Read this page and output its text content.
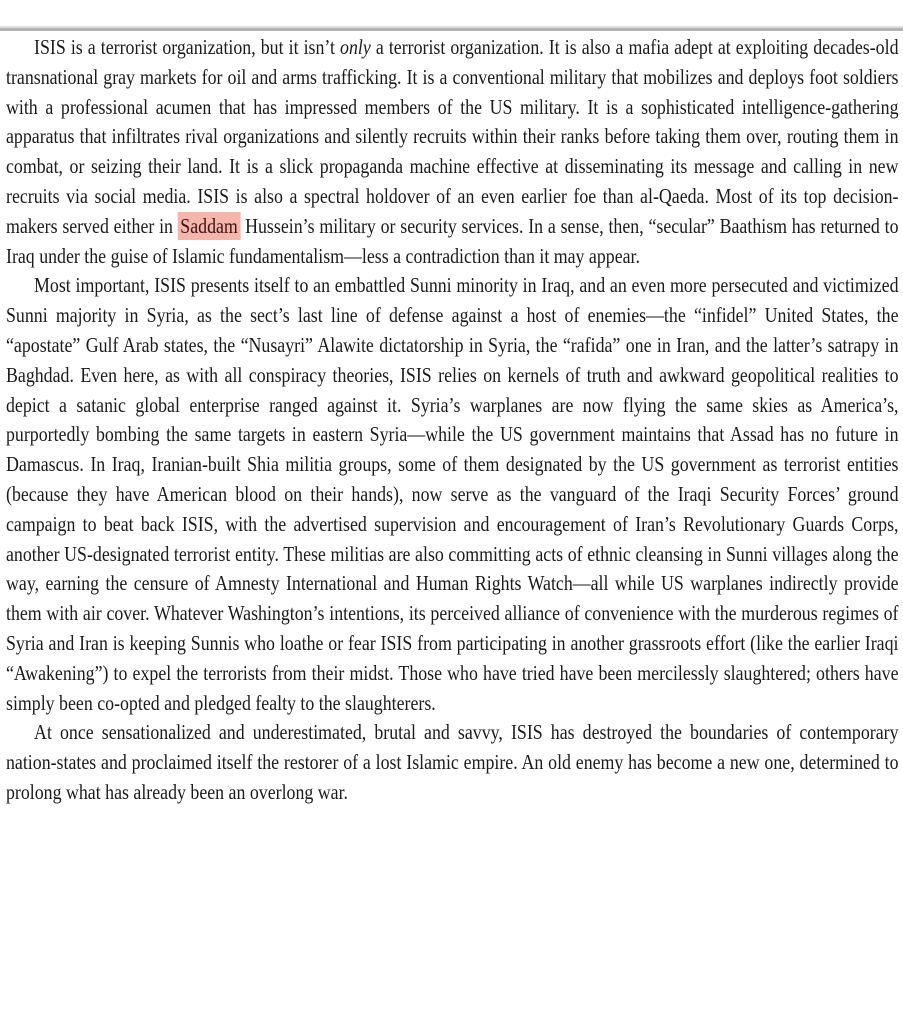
ISIS is a terrorist organization, but it isn’t only a terrorist organization. It is also a mafia adept at exploiting decades-old transnational gray markets for oil and arms trafficking. It is a conventional military that mobilizes and deploys foot soldiers with a professional acumen that has impressed members of the US military. It is a sophisticated intelligence-gathering apparatus that infiltrates rival organizations and silently recruits within their ranks before taking them over, routing them in combat, or seizing their land. It is a slick propaganda machine effective at disseminating its message and calling in new recruits via social media. ISIS is also a spectral holdover of an even earlier foe than al-Qaeda. Most of its top decision-makers served either in Saddam Hussein’s military or security services. In a sense, then, “secular” Baathism has returned to Iraq under the guise of Islamic fundamentalism—less a contradiction than it may appear.

Most important, ISIS presents itself to an embattled Sunni minority in Iraq, and an even more persecuted and victimized Sunni majority in Syria, as the sect’s last line of defense against a host of enemies—the “infidel” United States, the “apostate” Gulf Arab states, the “Nusayri” Alawite dictatorship in Syria, the “rafida” one in Iran, and the latter’s satrapy in Baghdad. Even here, as with all conspiracy theories, ISIS relies on kernels of truth and awkward geopolitical realities to depict a satanic global enterprise ranged against it. Syria’s warplanes are now flying the same skies as America’s, purportedly bombing the same targets in eastern Syria—while the US government maintains that Assad has no future in Damascus. In Iraq, Iranian-built Shia militia groups, some of them designated by the US government as terrorist entities (because they have American blood on their hands), now serve as the vanguard of the Iraqi Security Forces’ ground campaign to beat back ISIS, with the advertised supervision and encouragement of Iran’s Revolutionary Guards Corps, another US-designated terrorist entity. These militias are also committing acts of ethnic cleansing in Sunni villages along the way, earning the censure of Amnesty International and Human Rights Watch—all while US warplanes indirectly provide them with air cover. Whatever Washington’s intentions, its perceived alliance of convenience with the murderous regimes of Syria and Iran is keeping Sunnis who loathe or fear ISIS from participating in another grassroots effort (like the earlier Iraqi “Awakening”) to expel the terrorists from their midst. Those who have tried have been mercilessly slaughtered; others have simply been co-opted and pledged fealty to the slaughterers.

At once sensationalized and underestimated, brutal and savvy, ISIS has destroyed the boundaries of contemporary nation-states and proclaimed itself the restorer of a lost Islamic empire. An old enemy has become a new one, determined to prolong what has already been an overlong war.
